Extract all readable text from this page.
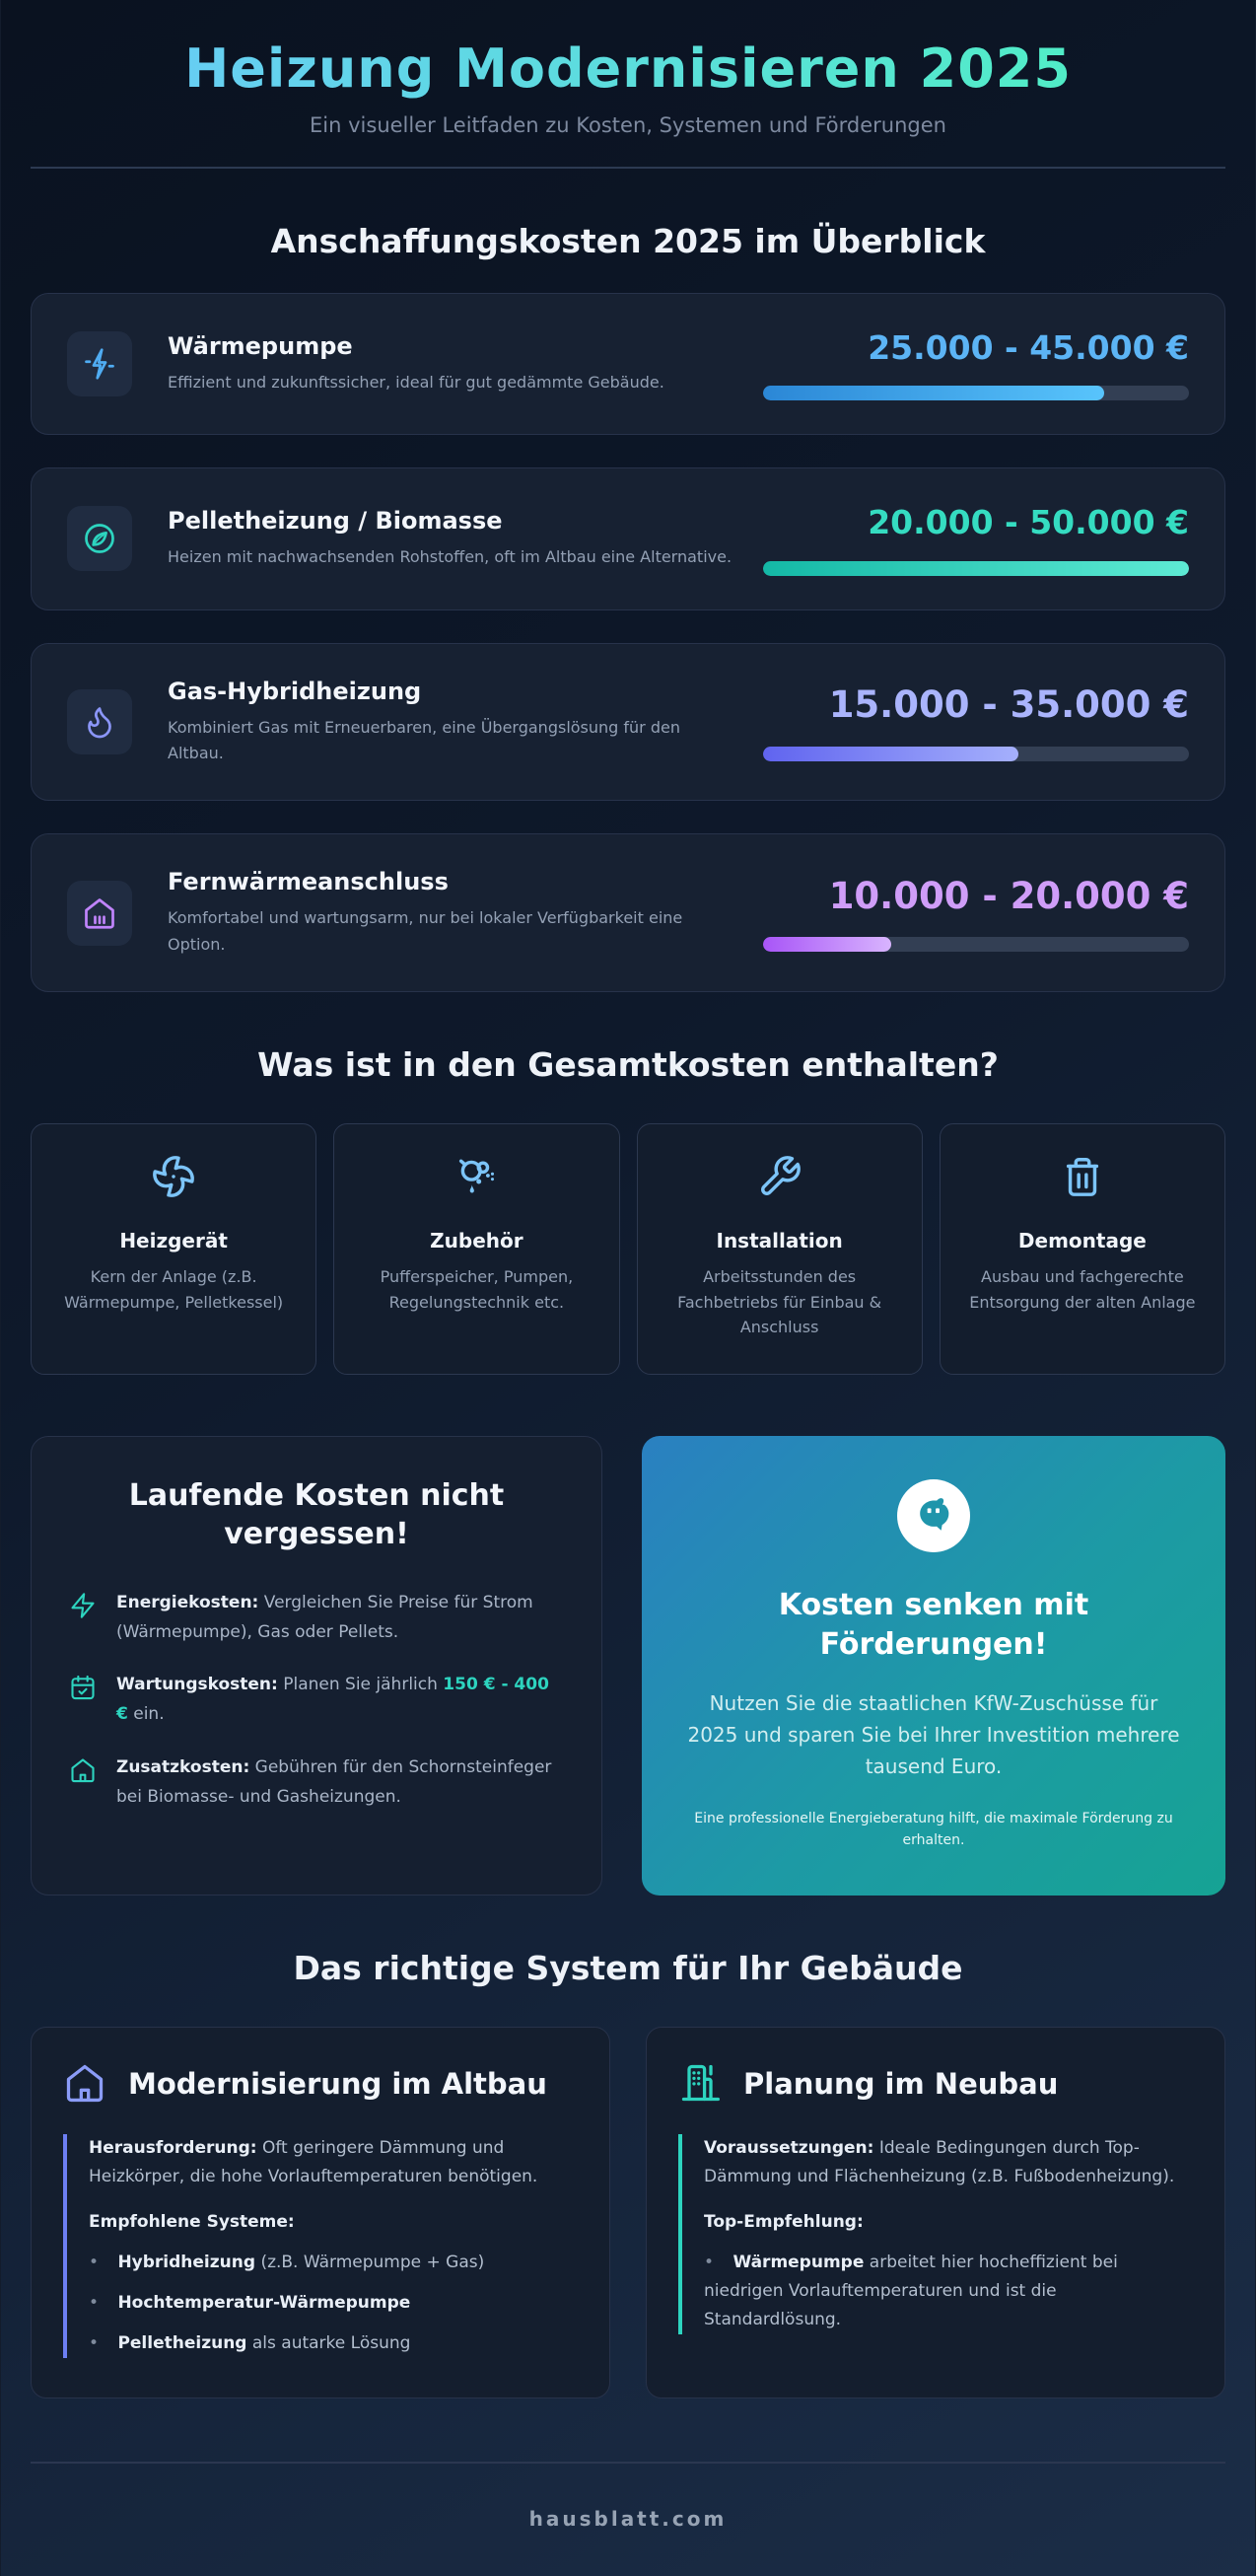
Heizung Modernisieren 2025

Ein visueller Leitfaden zu Kosten, Systemen und Förderungen

Anschaffungskosten 2025 im Überblick
Wärmepumpe
Effizient und zukunftssicher, ideal für gut gedämmte Gebäude.
25.000 - 45.000 €
Pelletheizung / Biomasse
Heizen mit nachwachsenden Rohstoffen, oft im Altbau eine Alternative.
20.000 - 50.000 €
Gas-Hybridheizung
Kombiniert Gas mit Erneuerbaren, eine Übergangslösung für den Altbau.
15.000 - 35.000 €
Fernwärmeanschluss
Komfortabel und wartungsarm, nur bei lokaler Verfügbarkeit eine Option.
10.000 - 20.000 €
Was ist in den Gesamtkosten enthalten?
Heizgerät
Kern der Anlage (z.B. Wärmepumpe, Pelletkessel)
Zubehör
Pufferspeicher, Pumpen, Regelungstechnik etc.
Installation
Arbeitsstunden des Fachbetriebs für Einbau & Anschluss
Demontage
Ausbau und fachgerechte Entsorgung der alten Anlage
Laufende Kosten nicht vergessen!

Energiekosten: Vergleichen Sie Preise für Strom (Wärmepumpe), Gas oder Pellets.

Wartungskosten: Planen Sie jährlich 150 € - 400 € ein.

Zusatzkosten: Gebühren für den Schornsteinfeger bei Biomasse- und Gasheizungen.

Kosten senken mit Förderungen!

Nutzen Sie die staatlichen KfW-Zuschüsse für 2025 und sparen Sie bei Ihrer Investition mehrere tausend Euro.

Eine professionelle Energieberatung hilft, die maximale Förderung zu erhalten.

Das richtige System für Ihr Gebäude
Modernisierung im Altbau

Herausforderung: Oft geringere Dämmung und Heizkörper, die hohe Vorlauftemperaturen benötigen.

Empfohlene Systeme:

• Hybridheizung (z.B. Wärmepumpe + Gas)

• Hochtemperatur-Wärmepumpe

• Pelletheizung als autarke Lösung

Planung im Neubau

Voraussetzungen: Ideale Bedingungen durch Top-Dämmung und Flächenheizung (z.B. Fußbodenheizung).

Top-Empfehlung:

• Wärmepumpe arbeitet hier hocheffizient bei niedrigen Vorlauftemperaturen und ist die Standardlösung.

hausblatt.com
